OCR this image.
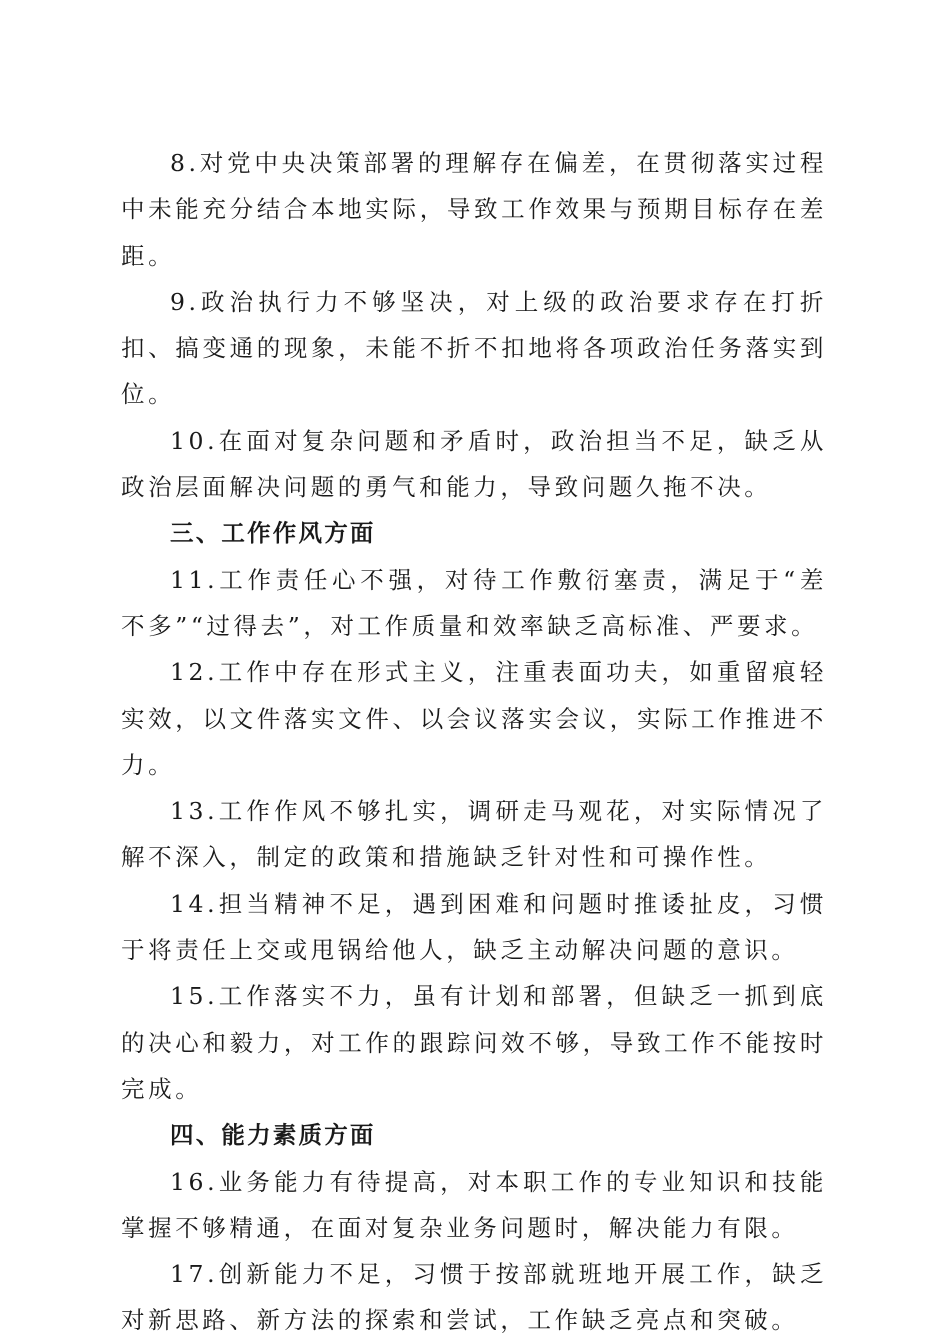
8.对党中央决策部署的理解存在偏差，在贯彻落实过程中未能充分结合本地实际，导致工作效果与预期目标存在差距。

9.政治执行力不够坚决，对上级的政治要求存在打折扣、搞变通的现象，未能不折不扣地将各项政治任务落实到位。

10.在面对复杂问题和矛盾时，政治担当不足，缺乏从政治层面解决问题的勇气和能力，导致问题久拖不决。

三、工作作风方面

11.工作责任心不强，对待工作敷衍塞责，满足于“差不多”“过得去”，对工作质量和效率缺乏高标准、严要求。

12.工作中存在形式主义，注重表面功夫，如重留痕轻实效，以文件落实文件、以会议落实会议，实际工作推进不力。

13.工作作风不够扎实，调研走马观花，对实际情况了解不深入，制定的政策和措施缺乏针对性和可操作性。

14.担当精神不足，遇到困难和问题时推诿扯皮，习惯于将责任上交或甩锅给他人，缺乏主动解决问题的意识。

15.工作落实不力，虽有计划和部署，但缺乏一抓到底的决心和毅力，对工作的跟踪问效不够，导致工作不能按时完成。

四、能力素质方面

16.业务能力有待提高，对本职工作的专业知识和技能掌握不够精通，在面对复杂业务问题时，解决能力有限。

17.创新能力不足，习惯于按部就班地开展工作，缺乏对新思路、新方法的探索和尝试，工作缺乏亮点和突破。
